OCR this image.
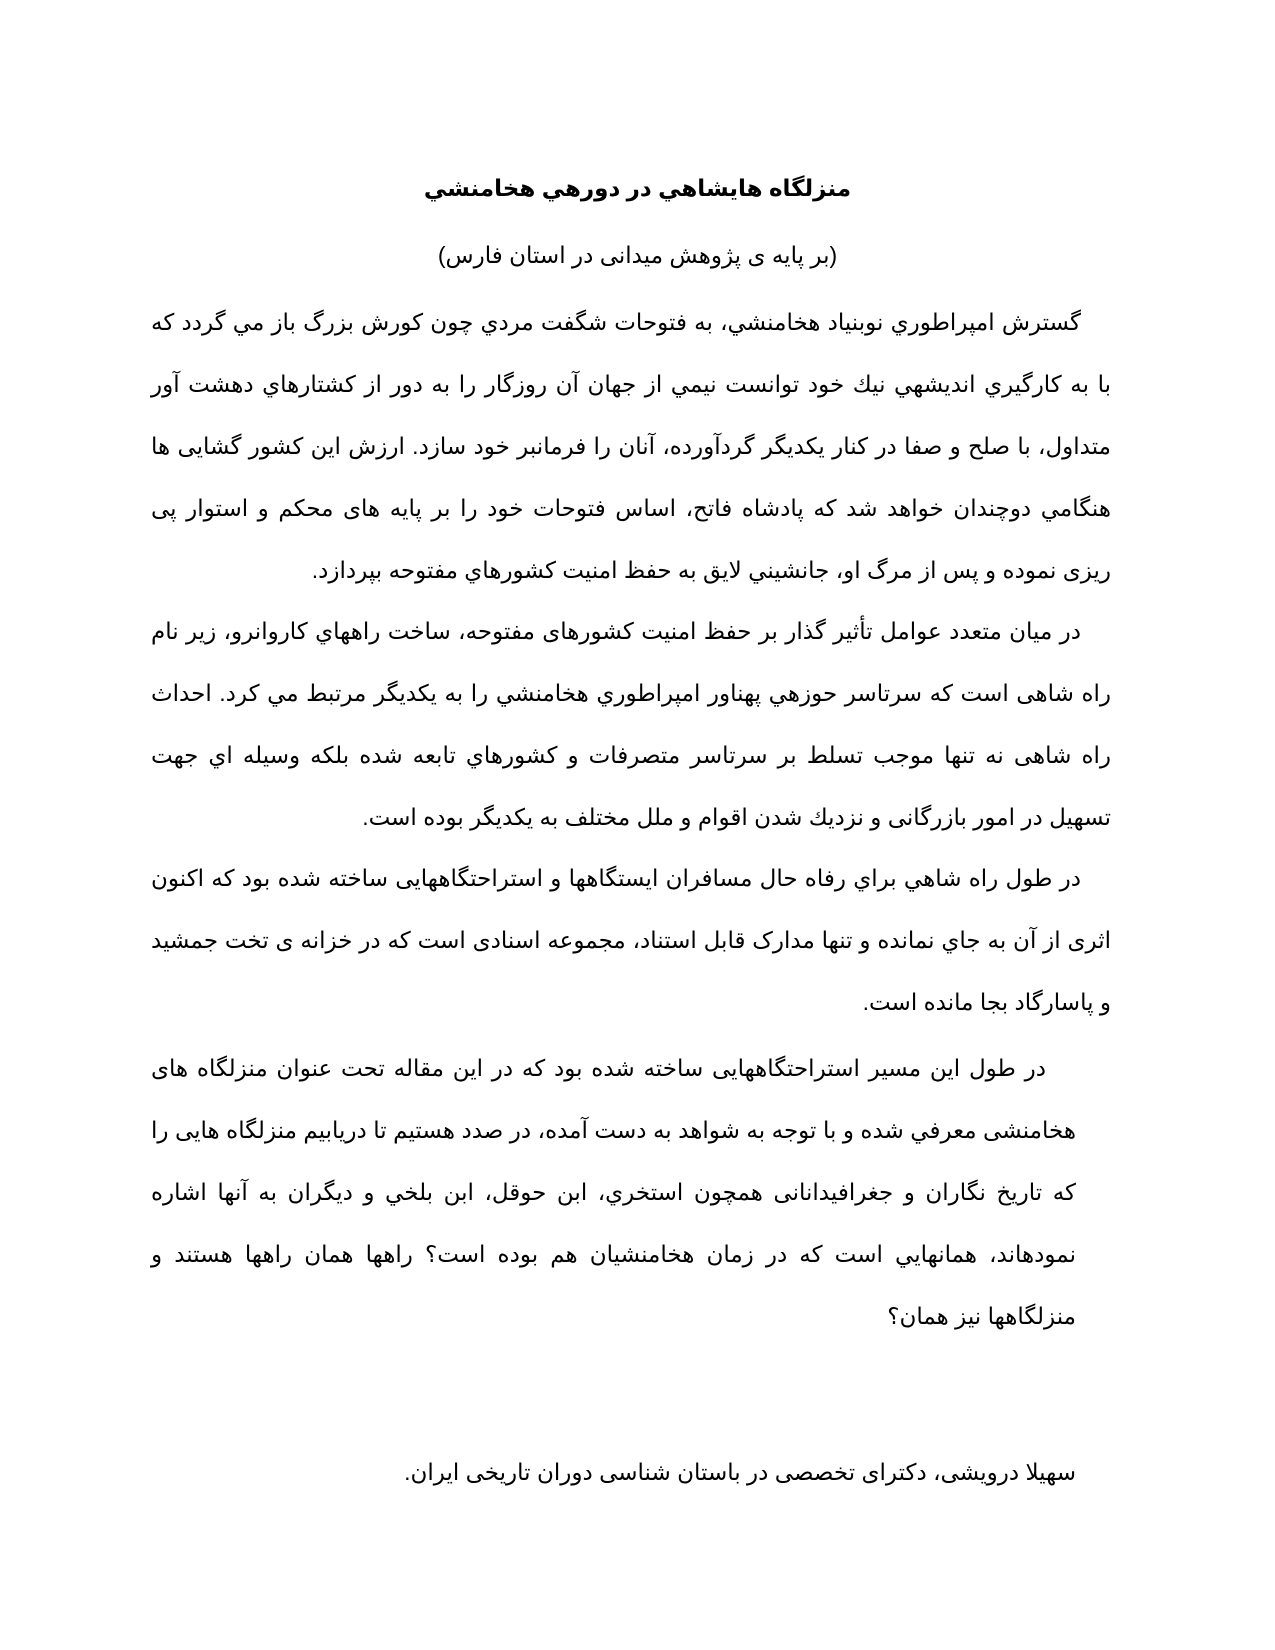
منزلگاه هایشاهي در دورهي هخامنشي
(بر پایه ی پژوهش میدانی در استان فارس)

گسترش امپراطوري نوبنياد هخامنشي، به فتوحات شگفت مردي چون كورش بزرگ باز مي گردد كه با به كارگيري انديشهي نيك خود توانست نيمي از جهان آن روزگار را به دور از كشتارهاي دهشت آور متداول، با صلح و صفا در كنار يكديگر گردآورده، آنان را فرمانبر خود سازد. ارزش اين كشور گشایی ها هنگامي دوچندان خواهد شد كه پادشاه فاتح، اساس فتوحات خود را بر پايه های محكم و استوار پی ریزی نموده و پس از مرگ او، جانشيني لايق به حفظ امنيت كشورهاي مفتوحه بپردازد.

در ميان متعدد عوامل تأثير گذار بر حفظ امنيت كشورهای مفتوحه، ساخت راههاي كاروانرو، زير نام راه شاهی است كه سرتاسر حوزهي پهناور امپراطوري هخامنشي را به يكديگر مرتبط مي كرد. احداث راه شاهی نه تنها موجب تسلط بر سرتاسر متصرفات و كشورهاي تابعه شده بلكه وسيله اي جهت تسهيل در امور بازرگانی و نزديك شدن اقوام و ملل مختلف به يكديگر بوده است.

در طول راه شاهي براي رفاه حال مسافران ایستگاهها و استراحتگاههایی ساخته شده بود كه اكنون اثری از آن به جاي نمانده و تنها مدارک قابل استناد، مجموعه اسنادی است كه در خزانه ی تخت جمشید و پاسارگاد بجا مانده است.

در طول این مسیر استراحتگاههایی ساخته شده بود كه در این مقاله تحت عنوان منزلگاه های هخامنشی معرفي شده و با توجه به شواهد به دست آمده، در صدد هستیم تا دریابیم منزلگاه هایی را كه تاریخ نگاران و جغرافیدانانی همچون استخري، ابن حوقل، ابن بلخي و ديگران به آنها اشاره نمودهاند، همانهايي است كه در زمان هخامنشیان هم بوده است؟ راهها همان راهها هستند و منزلگاهها نيز همان؟

سهیلا درویشی، دكترای تخصصی در باستان شناسی دوران تاریخی ایران.
